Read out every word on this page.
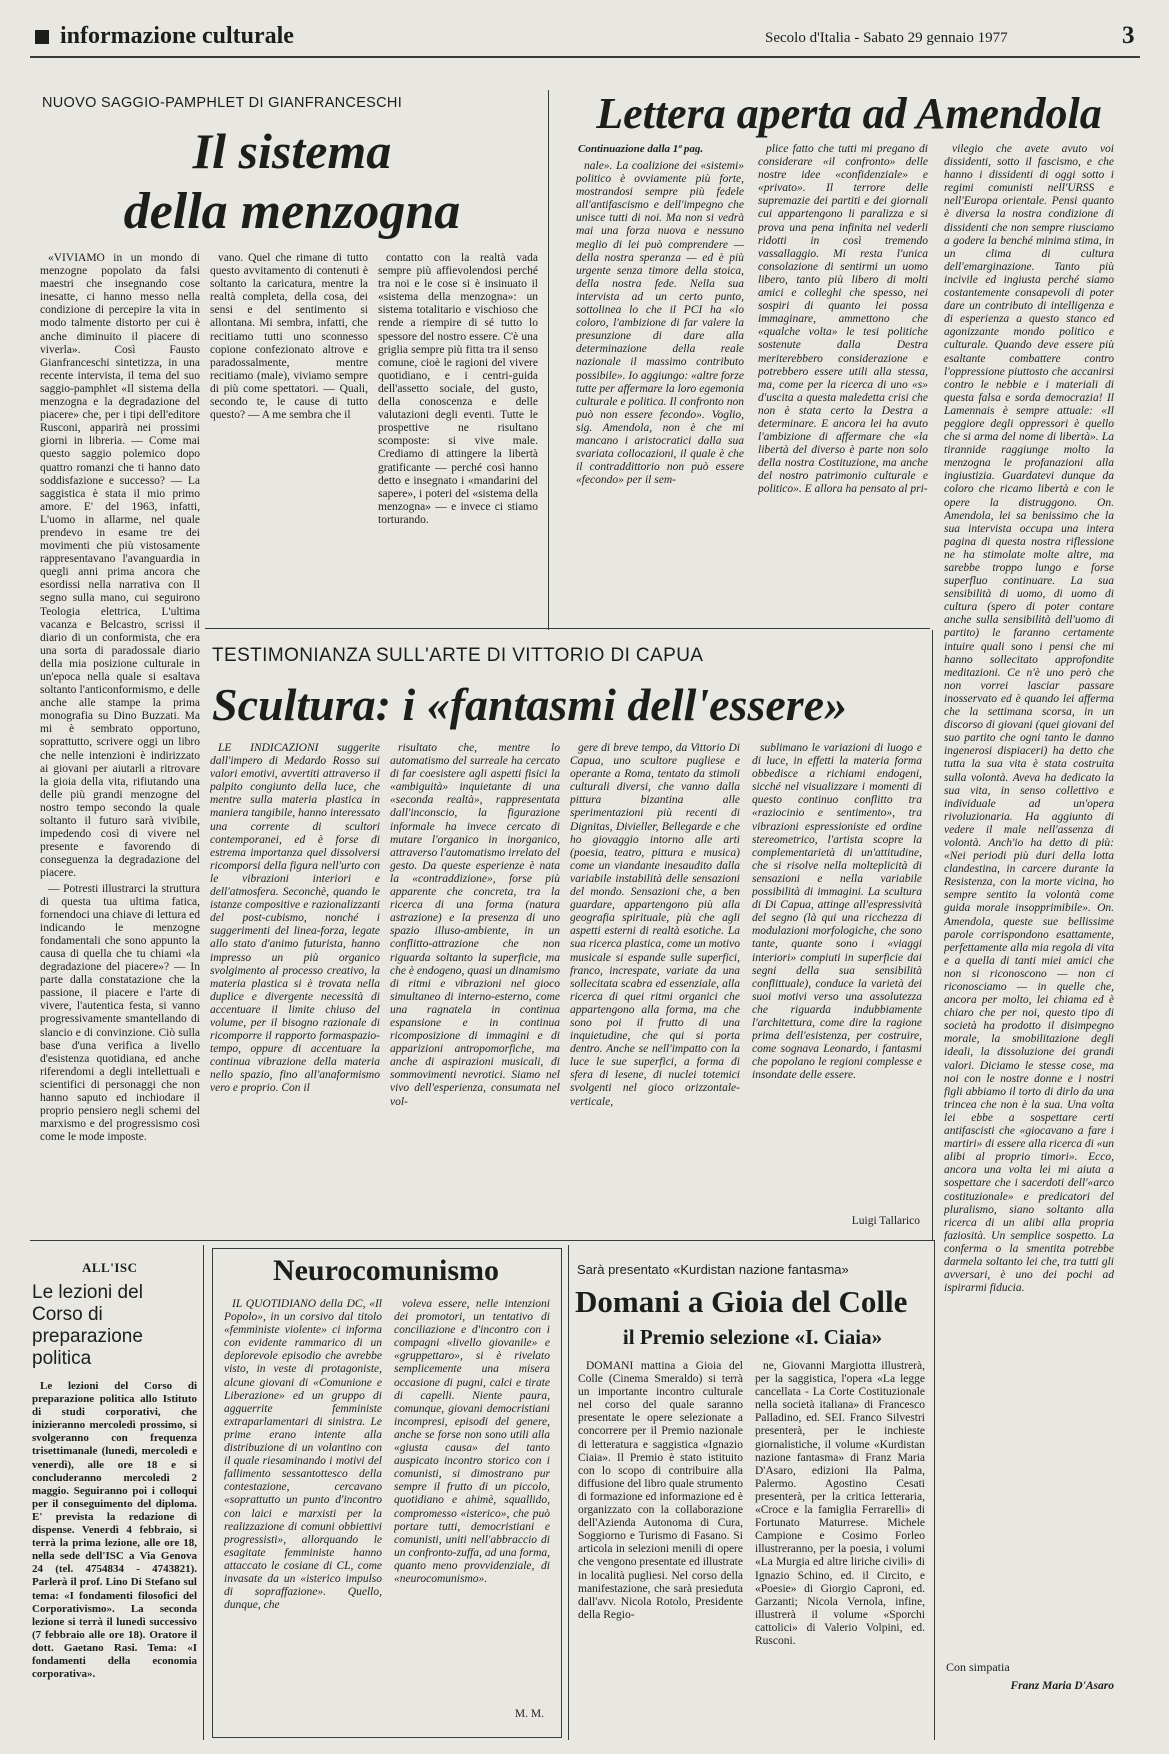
informazione culturale	Secolo d'Italia - Sabato 29 gennaio 1977	3
NUOVO SAGGIO-PAMPHLET DI GIANFRANCESCHI
Il sistema
della menzogna

«VIVIAMO in un mondo di menzogne popolato da falsi maestri che insegnando cose inesatte, ci hanno messo nella condizione di percepire la vita in modo talmente distorto per cui è anche diminuito il piacere di viverla». Così Fausto Gianfranceschi sintetizza, in una recente intervista, il tema del suo saggio-pamphlet «Il sistema della menzogna e la degradazione del piacere» che, per i tipi dell'editore Rusconi, apparirà nei prossimi giorni in libreria. — Come mai questo saggio polemico dopo quattro romanzi che ti hanno dato soddisfazione e successo? — La saggistica è stata il mio primo amore. E' del 1963, infatti, L'uomo in allarme, nel quale prendevo in esame tre dei movimenti che più vistosamente rappresentavano l'avanguardia in quegli anni prima ancora che esordissi nella narrativa con Il segno sulla mano, cui seguirono Teologia elettrica, L'ultima vacanza e Belcastro, scrissi il diario di un conformista, che era una sorta di paradossale diario della mia posizione culturale in un'epoca nella quale si esaltava soltanto l'anticonformismo, e delle anche alle stampe la prima monografia su Dino Buzzati. Ma mi è sembrato opportuno, soprattutto, scrivere oggi un libro che nelle intenzioni è indirizzato ai giovani per aiutarli a ritrovare la gioia della vita, rifiutando una delle più grandi menzogne del nostro tempo secondo la quale soltanto il futuro sarà vivibile, impedendo così di vivere nel presente e favorendo di conseguenza la degradazione del piacere.

— Potresti illustrarci la struttura di questa tua ultima fatica, fornendoci una chiave di lettura ed indicando le menzogne fondamentali che sono appunto la causa di quella che tu chiami «la degradazione del piacere»? — In parte dalla constatazione che la passione, il piacere e l'arte di vivere, l'autentica festa, si vanno progressivamente smantellando di slancio e di convinzione. Ciò sulla base d'una verifica a livello d'esistenza quotidiana, ed anche riferendomi a degli intellettuali e scientifici di personaggi che non hanno saputo ed inchiodare il proprio pensiero negli schemi del marxismo e del progressismo così come le mode imposte.

vano. Quel che rimane di tutto questo avvitamento di contenuti è soltanto la caricatura, mentre la realtà completa, della cosa, dei sensi e del sentimento si allontana. Mi sembra, infatti, che recitiamo tutti uno sconnesso copione confezionato altrove e paradossalmente, mentre recitiamo (male), viviamo sempre di più come spettatori. — Quali, secondo te, le cause di tutto questo? — A me sembra che il

contatto con la realtà vada sempre più affievolendosi perché tra noi e le cose si è insinuato il «sistema della menzogna»: un sistema totalitario e vischioso che rende a riempire di sé tutto lo spessore del nostro essere. C'è una griglia sempre più fitta tra il senso comune, cioè le ragioni del vivere quotidiano, e i centri-guida dell'assetto sociale, del gusto, della conoscenza e delle valutazioni degli eventi. Tutte le prospettive ne risultano scomposte: si vive male. Crediamo di attingere la libertà gratificante — perché così hanno detto e insegnato i «mandarini del sapere», i poteri del «sistema della menzogna» — e invece ci stiamo torturando.

Lettera aperta ad Amendola
Continuazione dalla 1ª pag.

nale». La coalizione dei «sistemi» politico è ovviamente più forte, mostrandosi sempre più fedele all'antifascismo e dell'impegno che unisce tutti di noi. Ma non si vedrà mai una forza nuova e nessuno meglio di lei può comprendere — della nostra speranza — ed è più urgente senza timore della stoica, della nostra fede. Nella sua intervista ad un certo punto, sottolinea lo che il PCI ha «lo coloro, l'ambizione di far valere la presunzione di dare alla determinazione della reale nazionale il massimo contributo possibile». Io aggiungo: «altre forze tutte per affermare la loro egemonia culturale e politica. Il confronto non può non essere fecondo». Voglio, sig. Amendola, non è che mi mancano i aristocratici dalla sua svariata collocazioni, il quale è che il contraddittorio non può essere «fecondo» per il sem-

plice fatto che tutti mi pregano di considerare «il confronto» delle nostre idee «confidenziale» e «privato». Il terrore delle supremazie dei partiti e dei giornali cui appartengono li paralizza e si prova una pena infinita nel vederli ridotti in così tremendo vassallaggio. Mi resta l'unica consolazione di sentirmi un uomo libero, tanto più libero di molti amici e colleghi che spesso, nei sospiri di quanto lei possa immaginare, ammettono che «qualche volta» le tesi politiche sostenute dalla Destra meriterebbero considerazione e potrebbero essere utili alla stessa, ma, come per la ricerca di uno «s» d'uscita a questa maledetta crisi che non è stata certo la Destra a determinare. E ancora lei ha avuto l'ambizione di affermare che «la libertà del diverso è parte non solo della nostra Costituzione, ma anche del nostro patrimonio culturale e politico». E allora ha pensato al pri-

vilegio che avete avuto voi dissidenti, sotto il fascismo, e che hanno i dissidenti di oggi sotto i regimi comunisti nell'URSS e nell'Europa orientale. Pensi quanto è diversa la nostra condizione di dissidenti che non sempre riusciamo a godere la benché minima stima, in un clima di cultura dell'emarginazione. Tanto più incivile ed ingiusta perché siamo costantemente consapevoli di poter dare un contributo di intelligenza e di esperienza a questo stanco ed agonizzante mondo politico e culturale. Quando deve essere più esaltante combattere contro l'oppressione piuttosto che accanirsi contro le nebbie e i materiali di questa falsa e sorda democrazia! Il Lamennais è sempre attuale: «Il peggiore degli oppressori è quello che si arma del nome di libertà». La tirannide raggiunge molto la menzogna le profanazioni alla ingiustizia. Guardatevi dunque da coloro che ricamo libertà e con le opere la distruggono. On. Amendola, lei sa benissimo che la sua intervista occupa una intera pagina di questa nostra riflessione ne ha stimolate molte altre, ma sarebbe troppo lungo e forse superfluo continuare. La sua sensibilità di uomo, di uomo di cultura (spero di poter contare anche sulla sensibilità dell'uomo di partito) le faranno certamente intuire quali sono i pensi che mi hanno sollecitato approfondite meditazioni. Ce n'è uno però che non vorrei lasciar passare inosservato ed è quando lei afferma che la settimana scorsa, in un discorso di giovani (quei giovani del suo partito che ogni tanto le danno ingenerosi dispiaceri) ha detto che tutta la sua vita è stata costruita sulla volontà. Aveva ha dedicato la sua vita, in senso collettivo e individuale ad un'opera rivoluzionaria. Ha aggiunto di vedere il male nell'assenza di volontà. Anch'io ha detto di più: «Nei periodi più duri della lotta clandestina, in carcere durante la Resistenza, con la morte vicina, ho sempre sentito la volontà come guida morale insopprimibile». On. Amendola, queste sue bellissime parole corrispondono esattamente, perfettamente alla mia regola di vita e a quella di tanti miei amici che non si riconoscono — non ci riconosciamo — in quelle che, ancora per molto, lei chiama ed è chiaro che per noi, questo tipo di società ha prodotto il disimpegno morale, la smobilitazione degli ideali, la dissoluzione dei grandi valori. Diciamo le stesse cose, ma noi con le nostre donne e i nostri figli abbiamo il torto di dirlo da una trincea che non è la sua. Una volta lei ebbe a sospettare certi antifascisti che «giocavano a fare i martiri» di essere alla ricerca di «un alibi al proprio timori». Ecco, ancora una volta lei mi aiuta a sospettare che i sacerdoti dell'«arco costituzionale» e predicatori del pluralismo, siano soltanto alla ricerca di un alibi alla propria faziosità. Un semplice sospetto. La conferma o la smentita potrebbe darmela soltanto lei che, tra tutti gli avversari, è uno dei pochi ad ispirarmi fiducia.

Con simpatia
Franz Maria D'Asaro
TESTIMONIANZA SULL'ARTE DI VITTORIO DI CAPUA
Scultura: i «fantasmi dell'essere»

LE INDICAZIONI suggerite dall'impero di Medardo Rosso sui valori emotivi, avvertiti attraverso il palpito congiunto della luce, che mentre sulla materia plastica in maniera tangibile, hanno interessato una corrente di scultori contemporanei, ed è forse di estrema importanza quel dissolversi ricomporsi della figura nell'urto con le vibrazioni interiori e dell'atmosfera. Seconchè, quando le istanze compositive e razionalizzanti del post-cubismo, nonché i suggerimenti del linea-forza, legate allo stato d'animo futurista, hanno impresso un più organico svolgimento al processo creativo, la materia plastica si è trovata nella duplice e divergente necessità di accentuare il limite chiuso del volume, per il bisogno razionale di ricomporre il rapporto formaspazio-tempo, oppure di accentuare la continua vibrazione della materia nello spazio, fino all'anaformismo vero e proprio. Con il

risultato che, mentre lo automatismo del surreale ha cercato di far coesistere agli aspetti fisici la «ambiguità» inquietante di una «seconda realtà», rappresentata dall'inconscio, la figurazione informale ha invece cercato di mutare l'organico in inorganico, attraverso l'automatismo irrelato del gesto. Da queste esperienze è nata la «contraddizione», forse più apparente che concreta, tra la ricerca di una forma (natura astrazione) e la presenza di uno spazio illuso-ambiente, in un conflitto-attrazione che non riguarda soltanto la superficie, ma che è endogeno, quasi un dinamismo di ritmi e vibrazioni nel gioco simultaneo di interno-esterno, come una ragnatela in continua espansione e in continua ricomposizione di immagini e di apparizioni antropomorfiche, ma anche di aspirazioni musicali, di sommovimenti nevrotici. Siamo nel vivo dell'esperienza, consumata nel vol-

gere di breve tempo, da Vittorio Di Capua, uno scultore pugliese e operante a Roma, tentato da stimoli culturali diversi, che vanno dalla pittura bizantina alle sperimentazioni più recenti di Dignitas, Divieller, Bellegarde e che ho giovaggio intorno alle arti (poesia, teatro, pittura e musica) come un viandante inesaudito dalla variabile instabilità delle sensazioni del mondo. Sensazioni che, a ben guardare, appartengono più alla geografia spirituale, più che agli aspetti esterni di realtà esotiche. La sua ricerca plastica, come un motivo musicale si espande sulle superfici, franco, increspate, variate da una sollecitata scabra ed essenziale, alla ricerca di quei ritmi organici che appartengono alla forma, ma che sono poi il frutto di una inquietudine, che qui si porta dentro. Anche se nell'impatto con la luce le sue superfici, a forma di sfera di lesene, di nuclei totemici svolgenti nel gioco orizzontale-verticale,

sublimano le variazioni di luogo e di luce, in effetti la materia forma obbedisce a richiami endogeni, sicché nel visualizzare i momenti di questo continuo conflitto tra «raziocinio e sentimento», tra vibrazioni espressioniste ed ordine stereometrico, l'artista scopre la complementarietà di un'attitudine, che si risolve nella molteplicità di sensazioni e nella variabile possibilità di immagini. La scultura di Di Capua, attinge all'espressività del segno (là qui una ricchezza di modulazioni morfologiche, che sono tante, quante sono i «viaggi interiori» compiuti in superficie dai segni della sua sensibilità conflittuale), conduce la varietà dei suoi motivi verso una assolutezza che riguarda indubbiamente l'architettura, come dire la ragione prima dell'esistenza, per costruire, come sognava Leonardo, i fantasmi che popolano le regioni complesse e insondate delle essere.

Luigi Tallarico
ALL'ISC
Le lezioni del Corso di preparazione politica

Le lezioni del Corso di preparazione politica allo Istituto di studi corporativi, che inizieranno mercoledì prossimo, si svolgeranno con frequenza trisettimanale (lunedì, mercoledì e venerdì), alle ore 18 e si concluderanno mercoledì 2 maggio. Seguiranno poi i colloqui per il conseguimento del diploma. E' prevista la redazione di dispense. Venerdì 4 febbraio, si terrà la prima lezione, alle ore 18, nella sede dell'ISC a Via Genova 24 (tel. 4754834 - 4743821). Parlerà il prof. Lino Di Stefano sul tema: «I fondamenti filosofici del Corporativismo». La seconda lezione si terrà il lunedì successivo (7 febbraio alle ore 18). Oratore il dott. Gaetano Rasi. Tema: «I fondamenti della economia corporativa».

Neurocomunismo

IL QUOTIDIANO della DC, «Il Popolo», in un corsivo dal titolo «femministe violente» ci informa con evidente rammarico di un deplorevole episodio che avrebbe visto, in veste di protagoniste, alcune giovani di «Comunione e Liberazione» ed un gruppo di agguerrite femministe extraparlamentari di sinistra. Le prime erano intente alla distribuzione di un volantino con il quale riesaminando i motivi del fallimento sessantottesco della contestazione, cercavano «soprattutto un punto d'incontro con laici e marxisti per la realizzazione di comuni obbiettivi progressisti», allorquando le esagitate femministe hanno attaccato le cosiane di CL, come invasate da un «isterico impulso di sopraffazione». Quello, dunque, che

voleva essere, nelle intenzioni dei promotori, un tentativo di conciliazione e d'incontro con i compagni «livello giovanile» e «gruppettaro», si è rivelato semplicemente una misera occasione di pugni, calci e tirate di capelli. Niente paura, comunque, giovani democristiani incompresi, episodi del genere, anche se forse non sono utili alla «giusta causa» del tanto auspicato incontro storico con i comunisti, si dimostrano pur sempre il frutto di un piccolo, quotidiano e ahimè, squallido, compromesso «isterico», che può portare tutti, democristiani e comunisti, uniti nell'abbraccio di un confronto-zuffa, ad una forma, quanto meno provvidenziale, di «neurocomunismo».

M. M.
Sarà presentato «Kurdistan nazione fantasma»
Domani a Gioia del Colle
il Premio selezione «I. Ciaia»

DOMANI mattina a Gioia del Colle (Cinema Smeraldo) si terrà un importante incontro culturale nel corso del quale saranno presentate le opere selezionate a concorrere per il Premio nazionale di letteratura e saggistica «Ignazio Ciaia». Il Premio è stato istituito con lo scopo di contribuire alla diffusione del libro quale strumento di formazione ed informazione ed è organizzato con la collaborazione dell'Azienda Autonoma di Cura, Soggiorno e Turismo di Fasano. Si articola in selezioni menili di opere che vengono presentate ed illustrate in località pugliesi. Nel corso della manifestazione, che sarà presieduta dall'avv. Nicola Rotolo, Presidente della Regio-

ne, Giovanni Margiotta illustrerà, per la saggistica, l'opera «La legge cancellata - La Corte Costituzionale nella società italiana» di Francesco Palladino, ed. SEI. Franco Silvestri presenterà, per le inchieste giornalistiche, il volume «Kurdistan nazione fantasma» di Franz Maria D'Asaro, edizioni Ila Palma, Palermo. Agostino Cesati presenterà, per la critica letteraria, «Croce e la famiglia Ferrarelli» di Fortunato Maturrese. Michele Campione e Cosimo Forleo illustreranno, per la poesia, i volumi «La Murgia ed altre liriche civili» di Ignazio Schino, ed. il Circito, e «Poesie» di Giorgio Caproni, ed. Garzanti; Nicola Vernola, infine, illustrerà il volume «Sporchi cattolici» di Valerio Volpini, ed. Rusconi.
